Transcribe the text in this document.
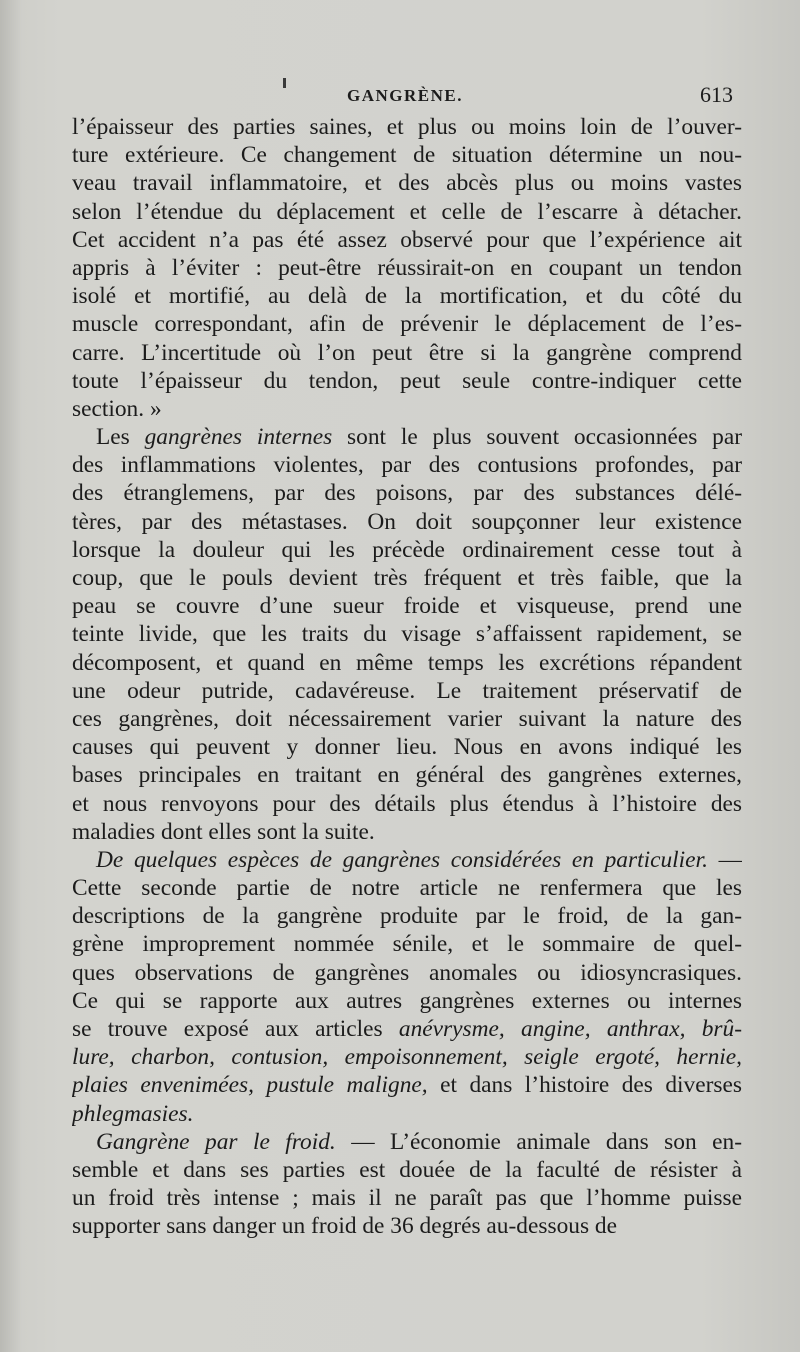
GANGRÈNE.	613
l’épaisseur des parties saines, et plus ou moins loin de l’ouver-
ture extérieure. Ce changement de situation détermine un nou-
veau travail inflammatoire, et des abcès plus ou moins vastes
selon l’étendue du déplacement et celle de l’escarre à détacher.
Cet accident n’a pas été assez observé pour que l’expérience ait
appris à l’éviter : peut-être réussirait-on en coupant un tendon
isolé et mortifié, au delà de la mortification, et du côté du
muscle correspondant, afin de prévenir le déplacement de l’es-
carre. L’incertitude où l’on peut être si la gangrène comprend
toute l’épaisseur du tendon, peut seule contre-indiquer cette
section. »
Les gangrènes internes sont le plus souvent occasionnées par
des inflammations violentes, par des contusions profondes, par
des étranglemens, par des poisons, par des substances délé-
tères, par des métastases. On doit soupçonner leur existence
lorsque la douleur qui les précède ordinairement cesse tout à
coup, que le pouls devient très fréquent et très faible, que la
peau se couvre d’une sueur froide et visqueuse, prend une
teinte livide, que les traits du visage s’affaissent rapidement, se
décomposent, et quand en même temps les excrétions répandent
une odeur putride, cadavéreuse. Le traitement préservatif de
ces gangrènes, doit nécessairement varier suivant la nature des
causes qui peuvent y donner lieu. Nous en avons indiqué les
bases principales en traitant en général des gangrènes externes,
et nous renvoyons pour des détails plus étendus à l’histoire des
maladies dont elles sont la suite.
De quelques espèces de gangrènes considérées en particulier. —
Cette seconde partie de notre article ne renfermera que les
descriptions de la gangrène produite par le froid, de la gan-
grène improprement nommée sénile, et le sommaire de quel-
ques observations de gangrènes anomales ou idiosyncrasiques.
Ce qui se rapporte aux autres gangrènes externes ou internes
se trouve exposé aux articles anévrysme, angine, anthrax, brû-
lure, charbon, contusion, empoisonnement, seigle ergoté, hernie,
plaies envenimées, pustule maligne, et dans l’histoire des diverses
phlegmasies.
Gangrène par le froid. — L’économie animale dans son en-
semble et dans ses parties est douée de la faculté de résister à
un froid très intense ; mais il ne paraît pas que l’homme puisse
supporter sans danger un froid de 36 degrés au-dessous de
